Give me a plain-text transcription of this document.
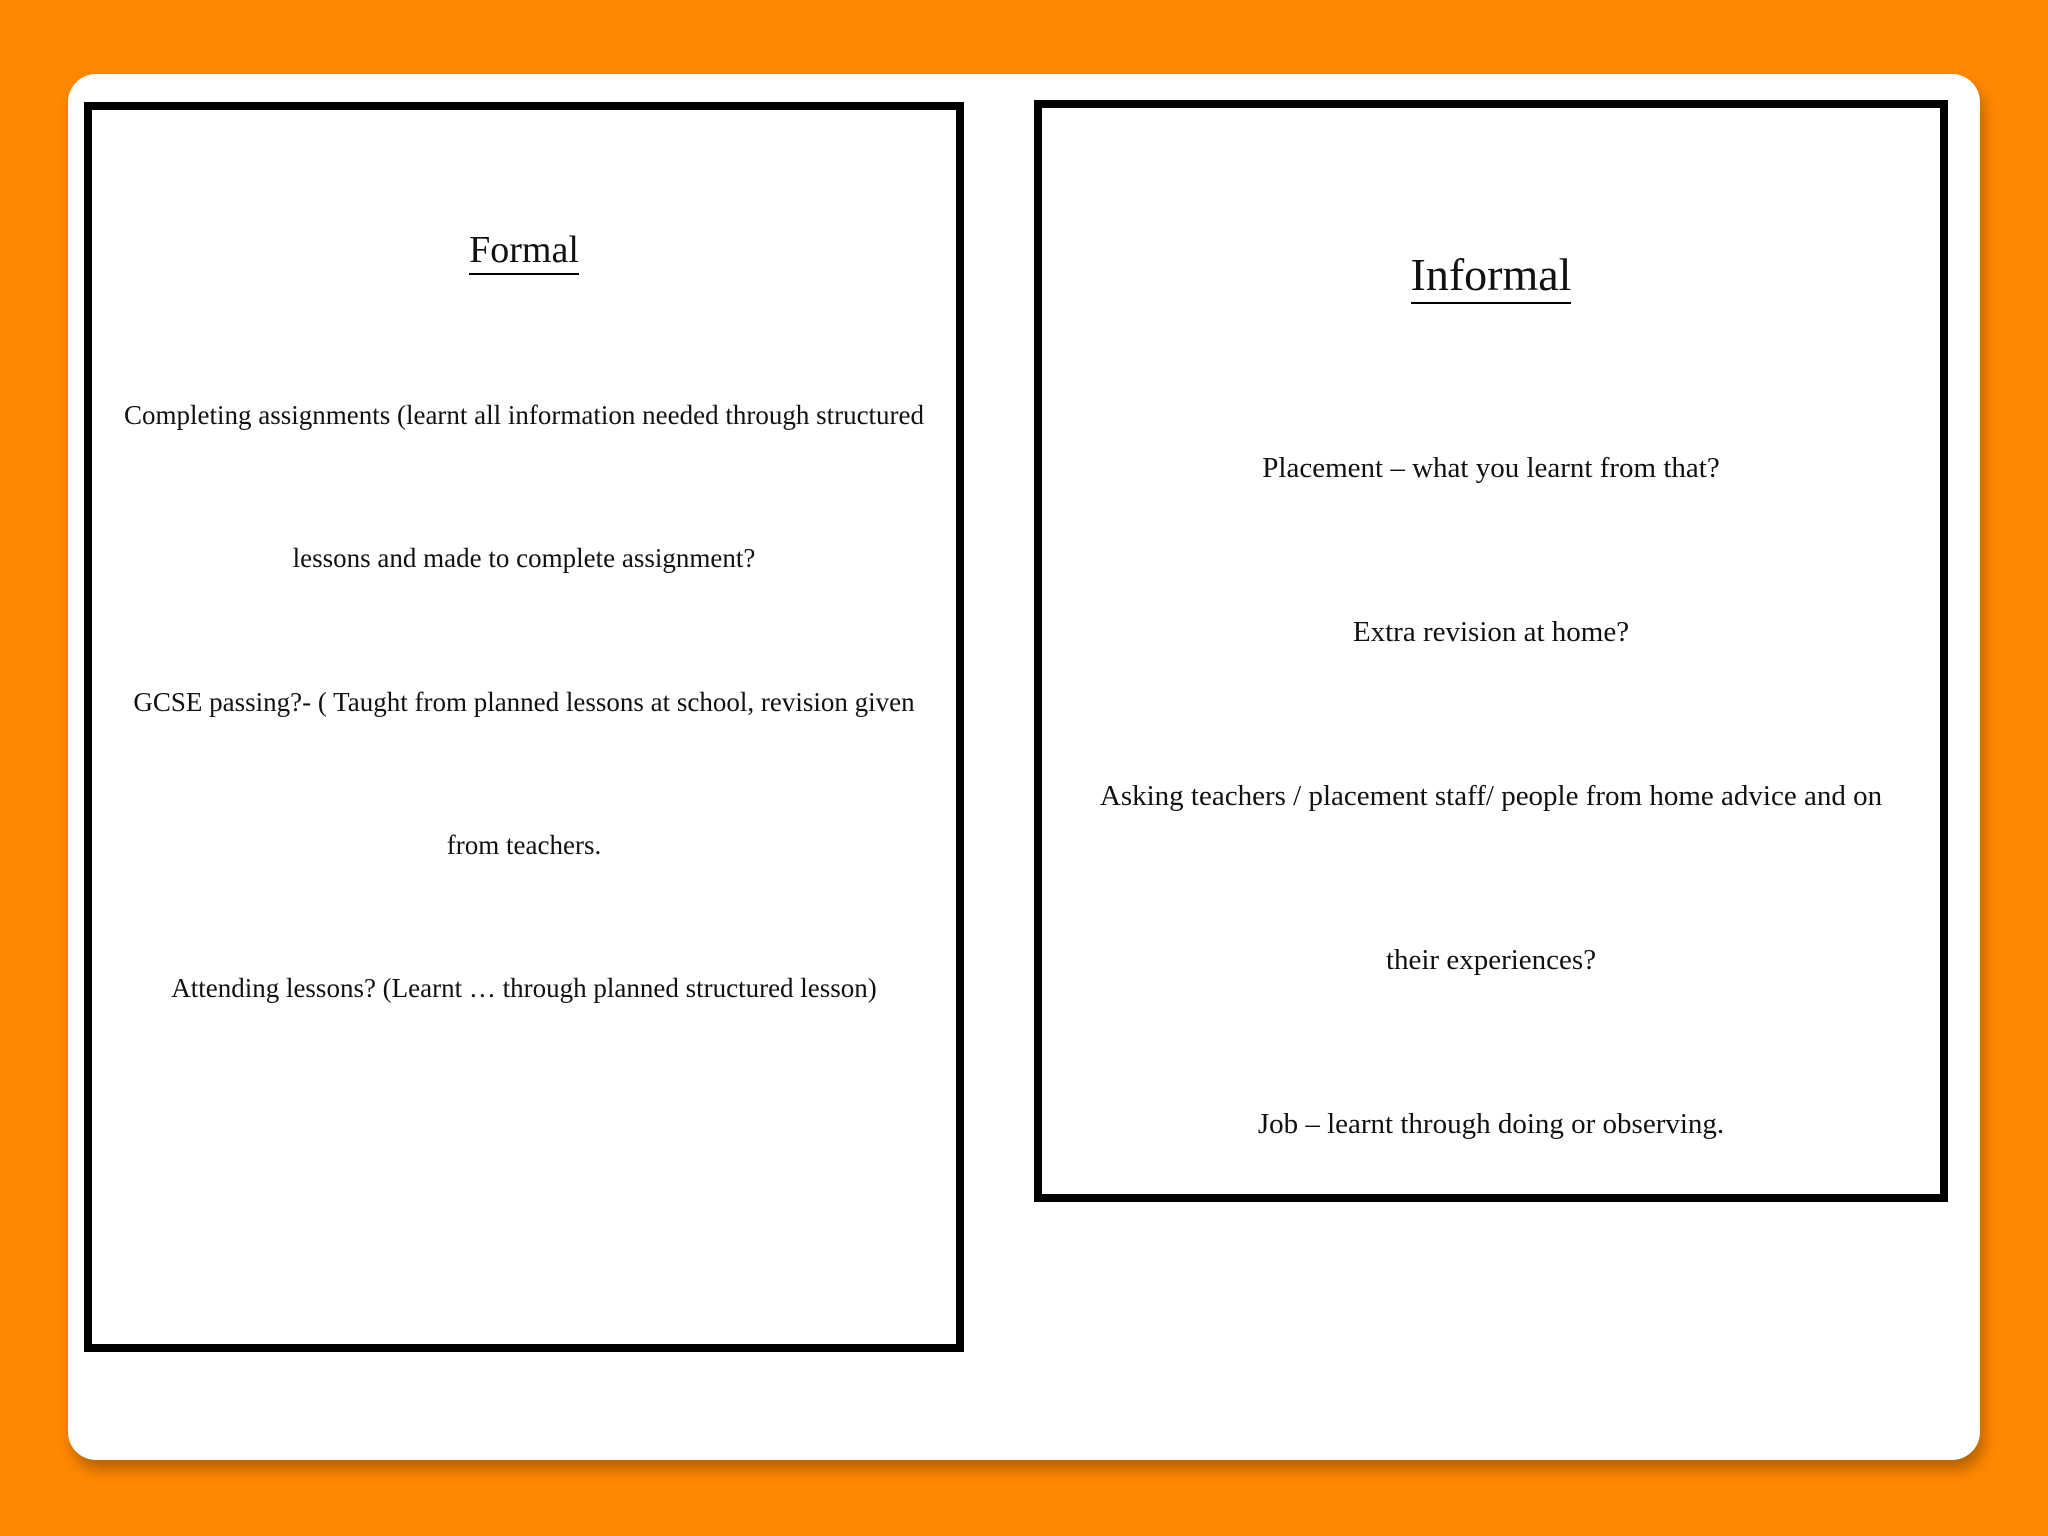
Formal

Completing assignments (learnt all information needed through structured

lessons and made to complete assignment?

GCSE passing?- ( Taught from planned lessons at school, revision given

from teachers.

Attending lessons? (Learnt … through planned structured lesson)

Informal

Placement – what you learnt from that?

Extra revision at home?

Asking teachers / placement staff/ people from home advice and on

their experiences?

Job – learnt through doing or observing.
